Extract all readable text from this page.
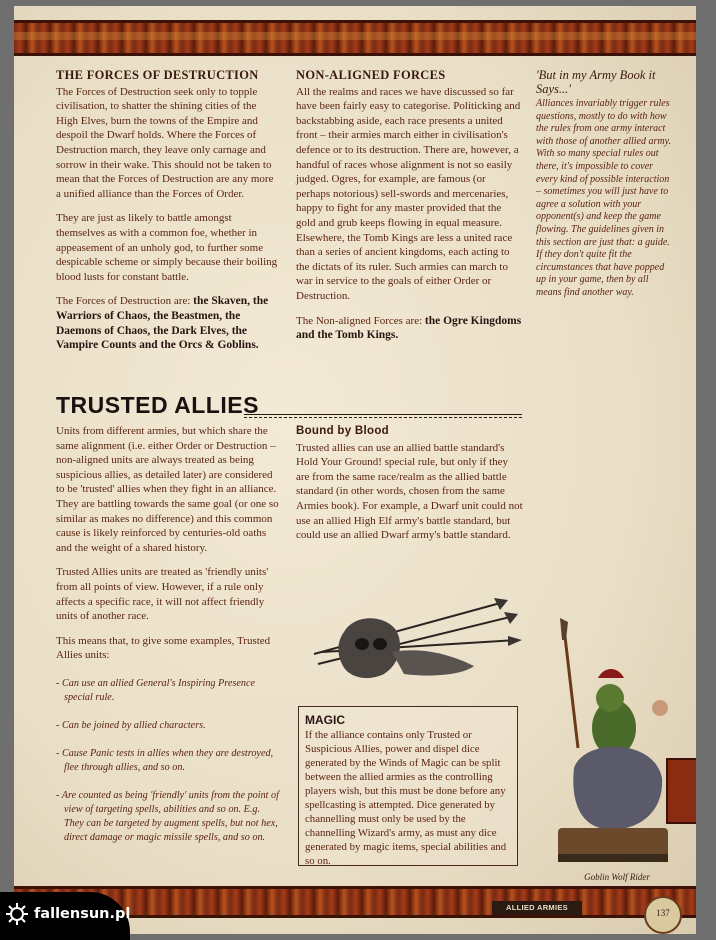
THE FORCES OF DESTRUCTION

The Forces of Destruction seek only to topple civilisation, to shatter the shining cities of the High Elves, burn the towns of the Empire and despoil the Dwarf holds. Where the Forces of Destruction march, they leave only carnage and sorrow in their wake. This should not be taken to mean that the Forces of Destruction are any more a unified alliance than the Forces of Order.

They are just as likely to battle amongst themselves as with a common foe, whether in appeasement of an unholy god, to further some despicable scheme or simply because their boiling blood lusts for constant battle.

The Forces of Destruction are: the Skaven, the Warriors of Chaos, the Beastmen, the Daemons of Chaos, the Dark Elves, the Vampire Counts and the Orcs & Goblins.

NON-ALIGNED FORCES

All the realms and races we have discussed so far have been fairly easy to categorise. Politicking and backstabbing aside, each race presents a united front – their armies march either in civilisation's defence or to its destruction. There are, however, a handful of races whose alignment is not so easily judged. Ogres, for example, are famous (or perhaps notorious) sell-swords and mercenaries, happy to fight for any master provided that the gold and grub keeps flowing in equal measure. Elsewhere, the Tomb Kings are less a united race than a series of ancient kingdoms, each acting to the dictats of its ruler. Such armies can march to war in service to the goals of either Order or Destruction.

The Non-aligned Forces are: the Ogre Kingdoms and the Tomb Kings.

'But in my Army Book it Says...'
Alliances invariably trigger rules questions, mostly to do with how the rules from one army interact with those of another allied army. With so many special rules out there, it's impossible to cover every kind of possible interaction – sometimes you will just have to agree a solution with your opponent(s) and keep the game flowing. The guidelines given in this section are just that: a guide. If they don't quite fit the circumstances that have popped up in your game, then by all means find another way.
TRUSTED ALLIES

Units from different armies, but which share the same alignment (i.e. either Order or Destruction – non-aligned units are always treated as being suspicious allies, as detailed later) are considered to be 'trusted' allies when they fight in an alliance. They are battling towards the same goal (or one so similar as makes no difference) and this common cause is likely reinforced by centuries-old oaths and the weight of a shared history.

Trusted Allies units are treated as 'friendly units' from all points of view. However, if a rule only affects a specific race, it will not affect friendly units of another race.

This means that, to give some examples, Trusted Allies units:

- Can use an allied General's Inspiring Presence special rule.
- Can be joined by allied characters.
- Cause Panic tests in allies when they are destroyed, flee through allies, and so on.
- Are counted as being 'friendly' units from the point of view of targeting spells, abilities and so on. E.g. They can be targeted by augment spells, but not hex, direct damage or magic missile spells, and so on.
Bound by Blood

Trusted allies can use an allied battle standard's Hold Your Ground! special rule, but only if they are from the same race/realm as the allied battle standard (in other words, chosen from the same Armies book). For example, a Dwarf unit could not use an allied High Elf army's battle standard, but could use an allied Dwarf army's battle standard.

MAGIC
If the alliance contains only Trusted or Suspicious Allies, power and dispel dice generated by the Winds of Magic can be split between the allied armies as the controlling players wish, but this must be done before any spellcasting is attempted. Dice generated by channelling must only be used by the channelling Wizard's army, as must any dice generated by magic items, special abilities and so on.
Goblin Wolf Rider
ALLIED ARMIES
137
fallensun.pl
